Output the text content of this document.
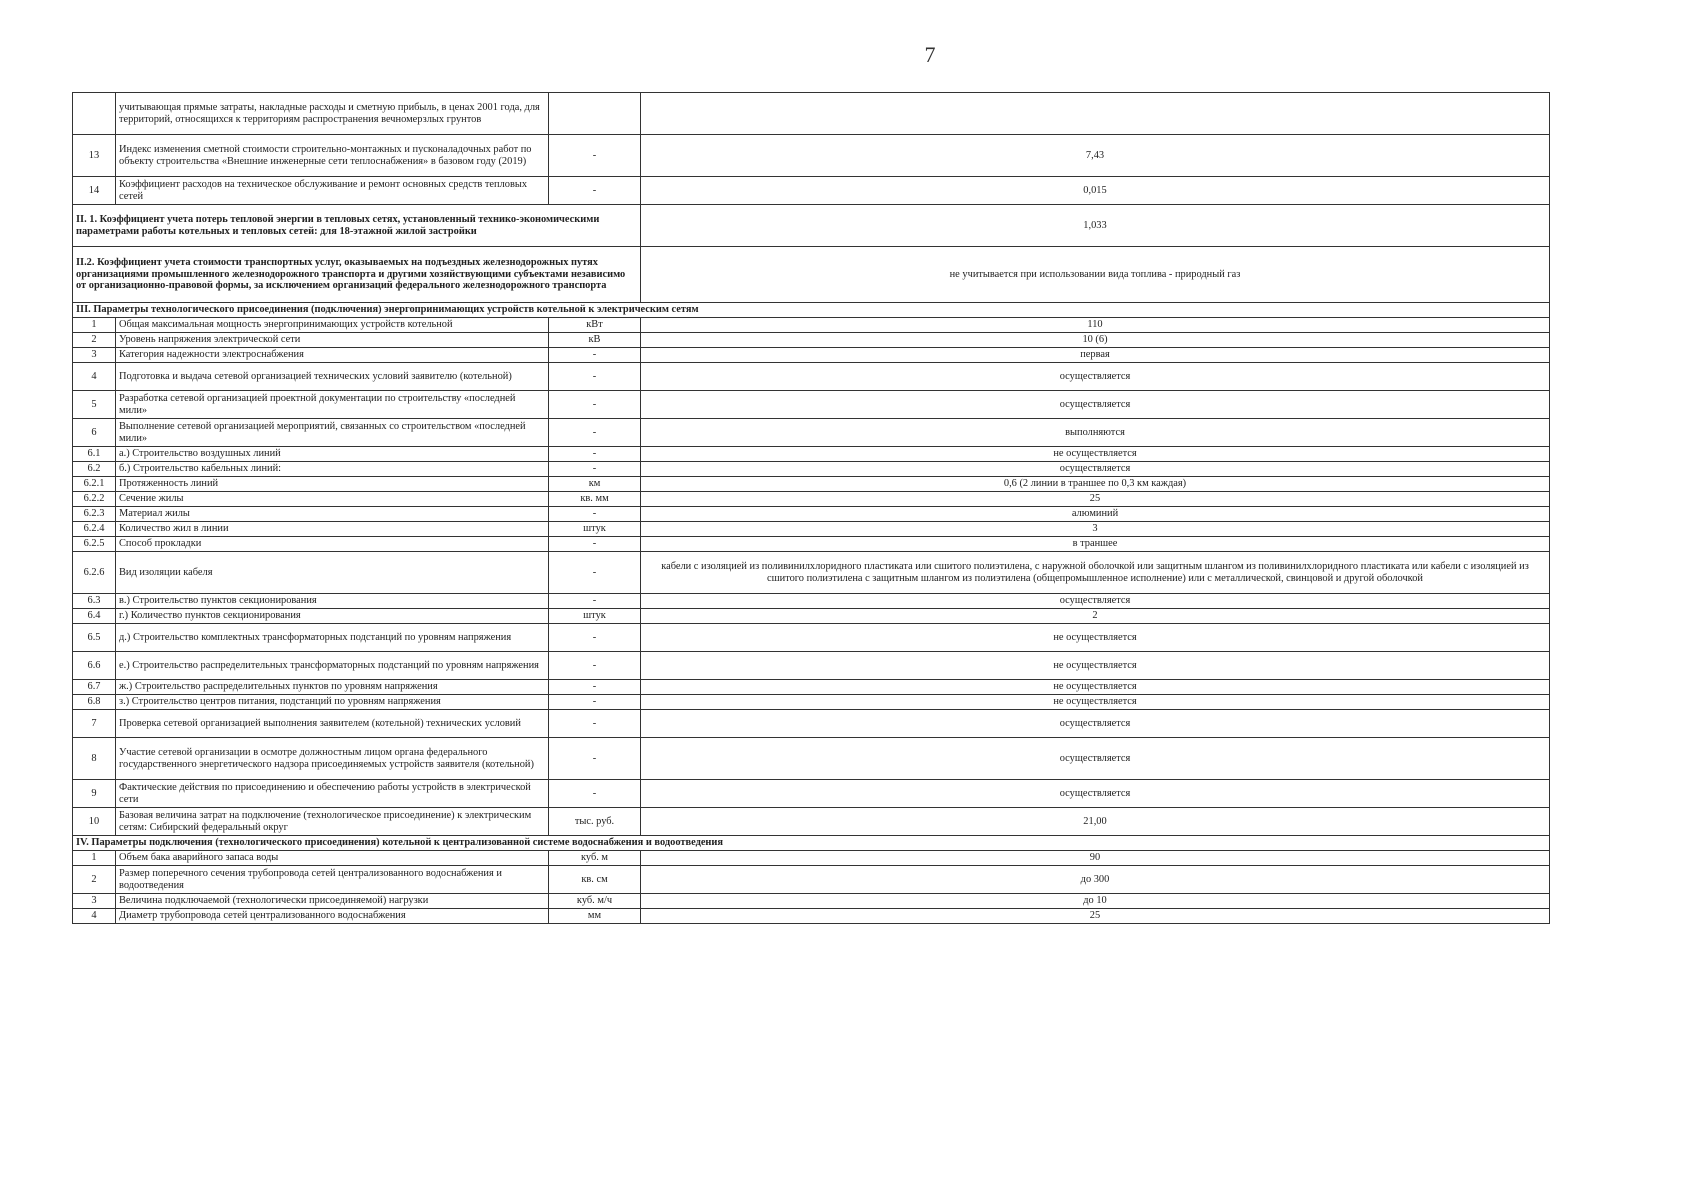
7
	учитывающая прямые затраты, накладные расходы и сметную прибыль, в ценах 2001 года, для территорий, относящихся к территориям распространения вечномерзлых грунтов		
13	Индекс изменения сметной стоимости строительно-монтажных и пусконаладочных работ по объекту строительства «Внешние инженерные сети теплоснабжения» в базовом году (2019)	-	7,43
14	Коэффициент расходов на техническое обслуживание и ремонт основных средств тепловых сетей	-	0,015
II. 1. Коэффициент учета потерь тепловой энергии в тепловых сетях, установленный технико-экономическими параметрами работы котельных и тепловых сетей: для 18-этажной жилой застройки			1,033
II.2. Коэффициент учета стоимости транспортных услуг, оказываемых на подъездных железнодорожных путях организациями промышленного железнодорожного транспорта и другими хозяйствующими субъектами независимо от организационно-правовой формы, за исключением организаций федерального железнодорожного транспорта			не учитывается при использовании вида топлива - природный газ
III. Параметры технологического присоединения (подключения) энергопринимающих устройств котельной к электрическим сетям			
1	Общая максимальная мощность энергопринимающих устройств котельной	кВт	110
2	Уровень напряжения электрической сети	кВ	10 (6)
3	Категория надежности электроснабжения	-	первая
4	Подготовка и выдача сетевой организацией технических условий заявителю (котельной)	-	осуществляется
5	Разработка сетевой организацией проектной документации по строительству «последней мили»	-	осуществляется
6	Выполнение сетевой организацией мероприятий, связанных со строительством «последней мили»	-	выполняются
6.1	а.) Строительство воздушных линий	-	не осуществляется
6.2	б.) Строительство кабельных линий:	-	осуществляется
6.2.1	Протяженность линий	км	0,6 (2 линии в траншее по 0,3 км каждая)
6.2.2	Сечение жилы	кв. мм	25
6.2.3	Материал жилы	-	алюминий
6.2.4	Количество жил в линии	штук	3
6.2.5	Способ прокладки	-	в траншее
6.2.6	Вид изоляции кабеля	-	кабели с изоляцией из поливинилхлоридного пластиката или сшитого полиэтилена, с наружной оболочкой или защитным шлангом из поливинилхлоридного пластиката или кабели с изоляцией из сшитого полиэтилена с защитным шлангом из полиэтилена (общепромышленное исполнение) или с металлической, свинцовой и другой оболочкой
6.3	в.) Строительство пунктов секционирования	-	осуществляется
6.4	г.) Количество пунктов секционирования	штук	2
6.5	д.) Строительство комплектных трансформаторных подстанций по уровням напряжения	-	не осуществляется
6.6	е.) Строительство распределительных трансформаторных подстанций по уровням напряжения	-	не осуществляется
6.7	ж.) Строительство распределительных пунктов по уровням напряжения	-	не осуществляется
6.8	з.) Строительство центров питания, подстанций по уровням напряжения	-	не осуществляется
7	Проверка сетевой организацией выполнения заявителем (котельной) технических условий	-	осуществляется
8	Участие сетевой организации в осмотре должностным лицом органа федерального государственного энергетического надзора присоединяемых устройств заявителя (котельной)	-	осуществляется
9	Фактические действия по присоединению и обеспечению работы устройств в электрической сети	-	осуществляется
10	Базовая величина затрат на подключение (технологическое присоединение) к электрическим сетям: Сибирский федеральный округ	тыс. руб.	21,00
IV. Параметры подключения (технологического присоединения) котельной к централизованной системе водоснабжения и водоотведения			
1	Объем бака аварийного запаса воды	куб. м	90
2	Размер поперечного сечения трубопровода сетей централизованного водоснабжения и водоотведения	кв. см	до 300
3	Величина подключаемой (технологически присоединяемой) нагрузки	куб. м/ч	до 10
4	Диаметр трубопровода сетей централизованного водоснабжения	мм	25
